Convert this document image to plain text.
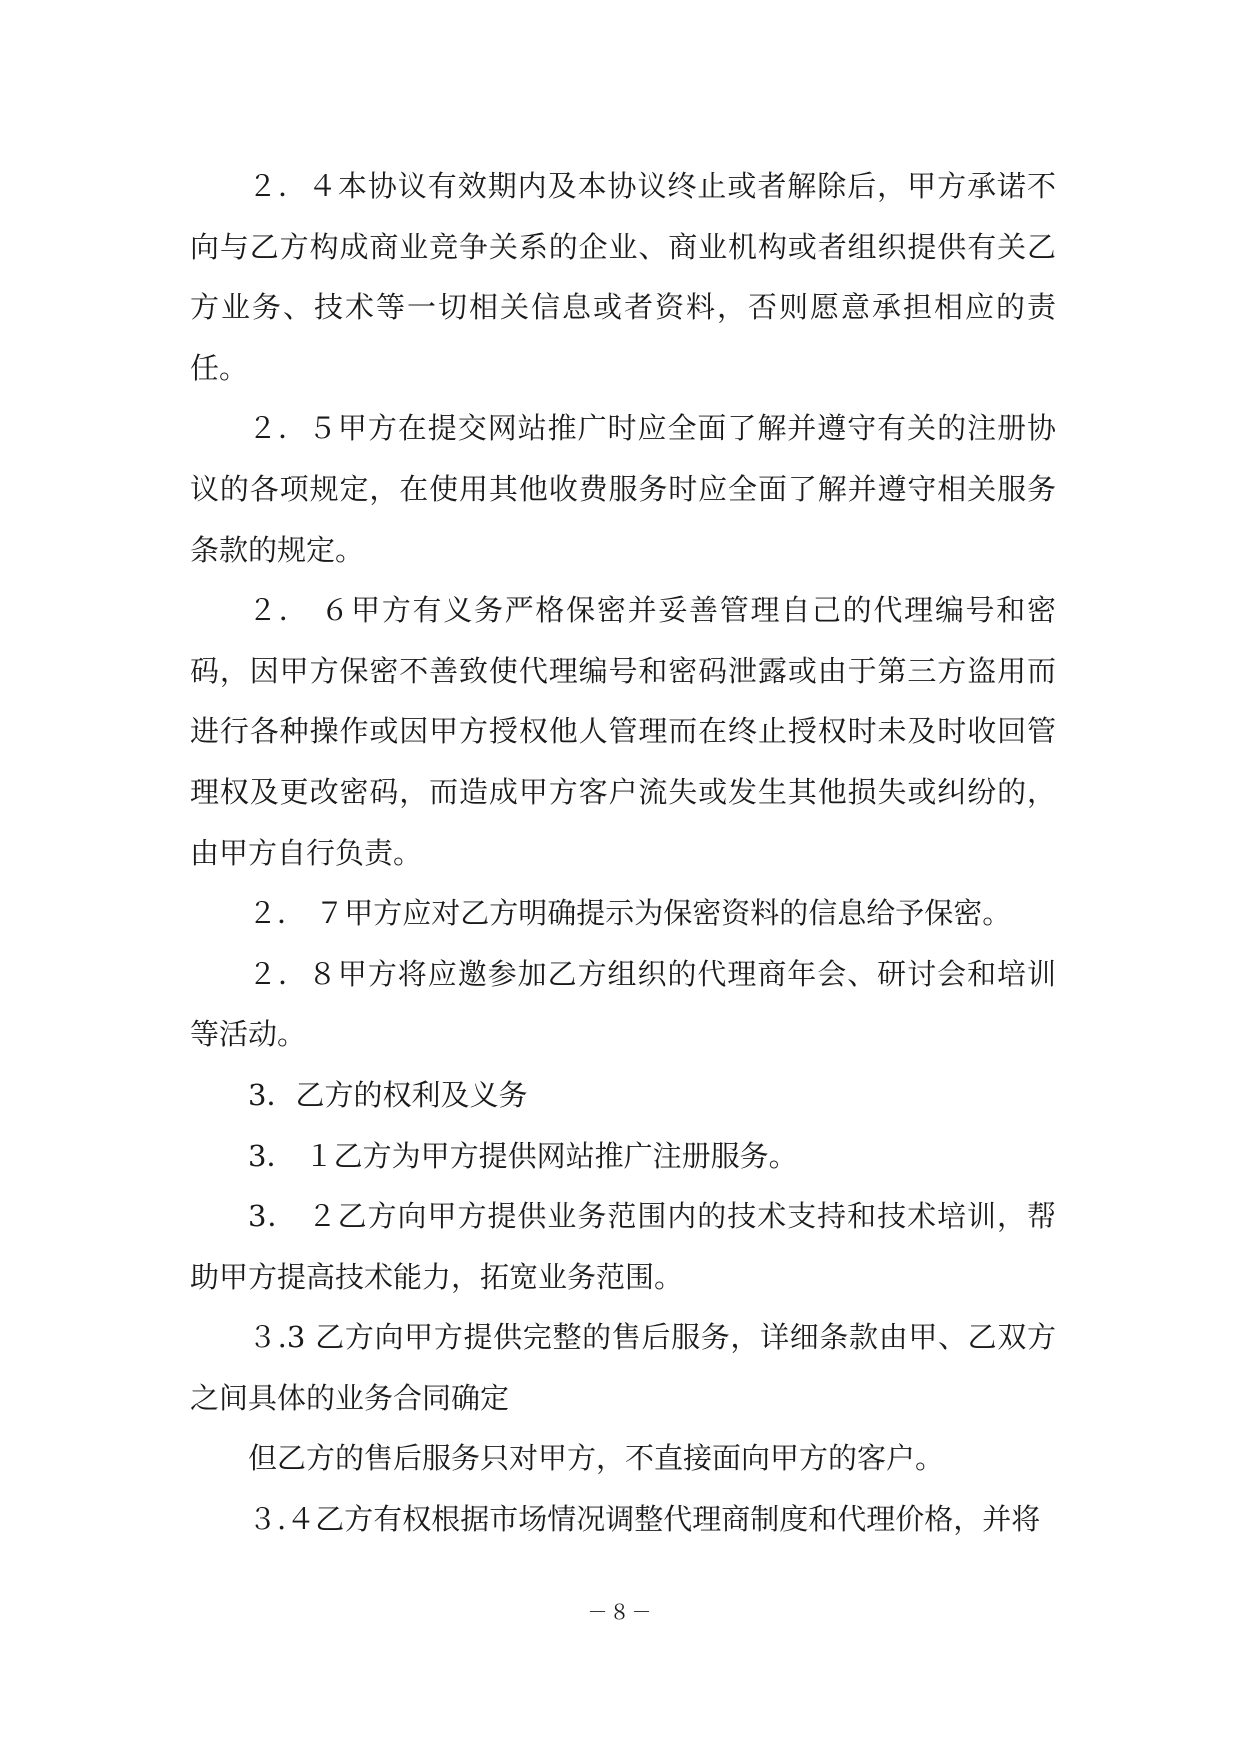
２．４本协议有效期内及本协议终止或者解除后，甲方承诺不向与乙方构成商业竞争关系的企业、商业机构或者组织提供有关乙方业务、技术等一切相关信息或者资料，否则愿意承担相应的责任。

２．５甲方在提交网站推广时应全面了解并遵守有关的注册协议的各项规定，在使用其他收费服务时应全面了解并遵守相关服务条款的规定。

２． ６甲方有义务严格保密并妥善管理自己的代理编号和密码，因甲方保密不善致使代理编号和密码泄露或由于第三方盗用而进行各种操作或因甲方授权他人管理而在终止授权时未及时收回管理权及更改密码，而造成甲方客户流失或发生其他损失或纠纷的，由甲方自行负责。

２． ７甲方应对乙方明确提示为保密资料的信息给予保密。

２．８甲方将应邀参加乙方组织的代理商年会、研讨会和培训等活动。

3．乙方的权利及义务

3． １乙方为甲方提供网站推广注册服务。

3． ２乙方向甲方提供业务范围内的技术支持和技术培训，帮助甲方提高技术能力，拓宽业务范围。

３.3 乙方向甲方提供完整的售后服务，详细条款由甲、乙双方之间具体的业务合同确定

但乙方的售后服务只对甲方，不直接面向甲方的客户。

３.４乙方有权根据市场情况调整代理商制度和代理价格，并将

－８－
